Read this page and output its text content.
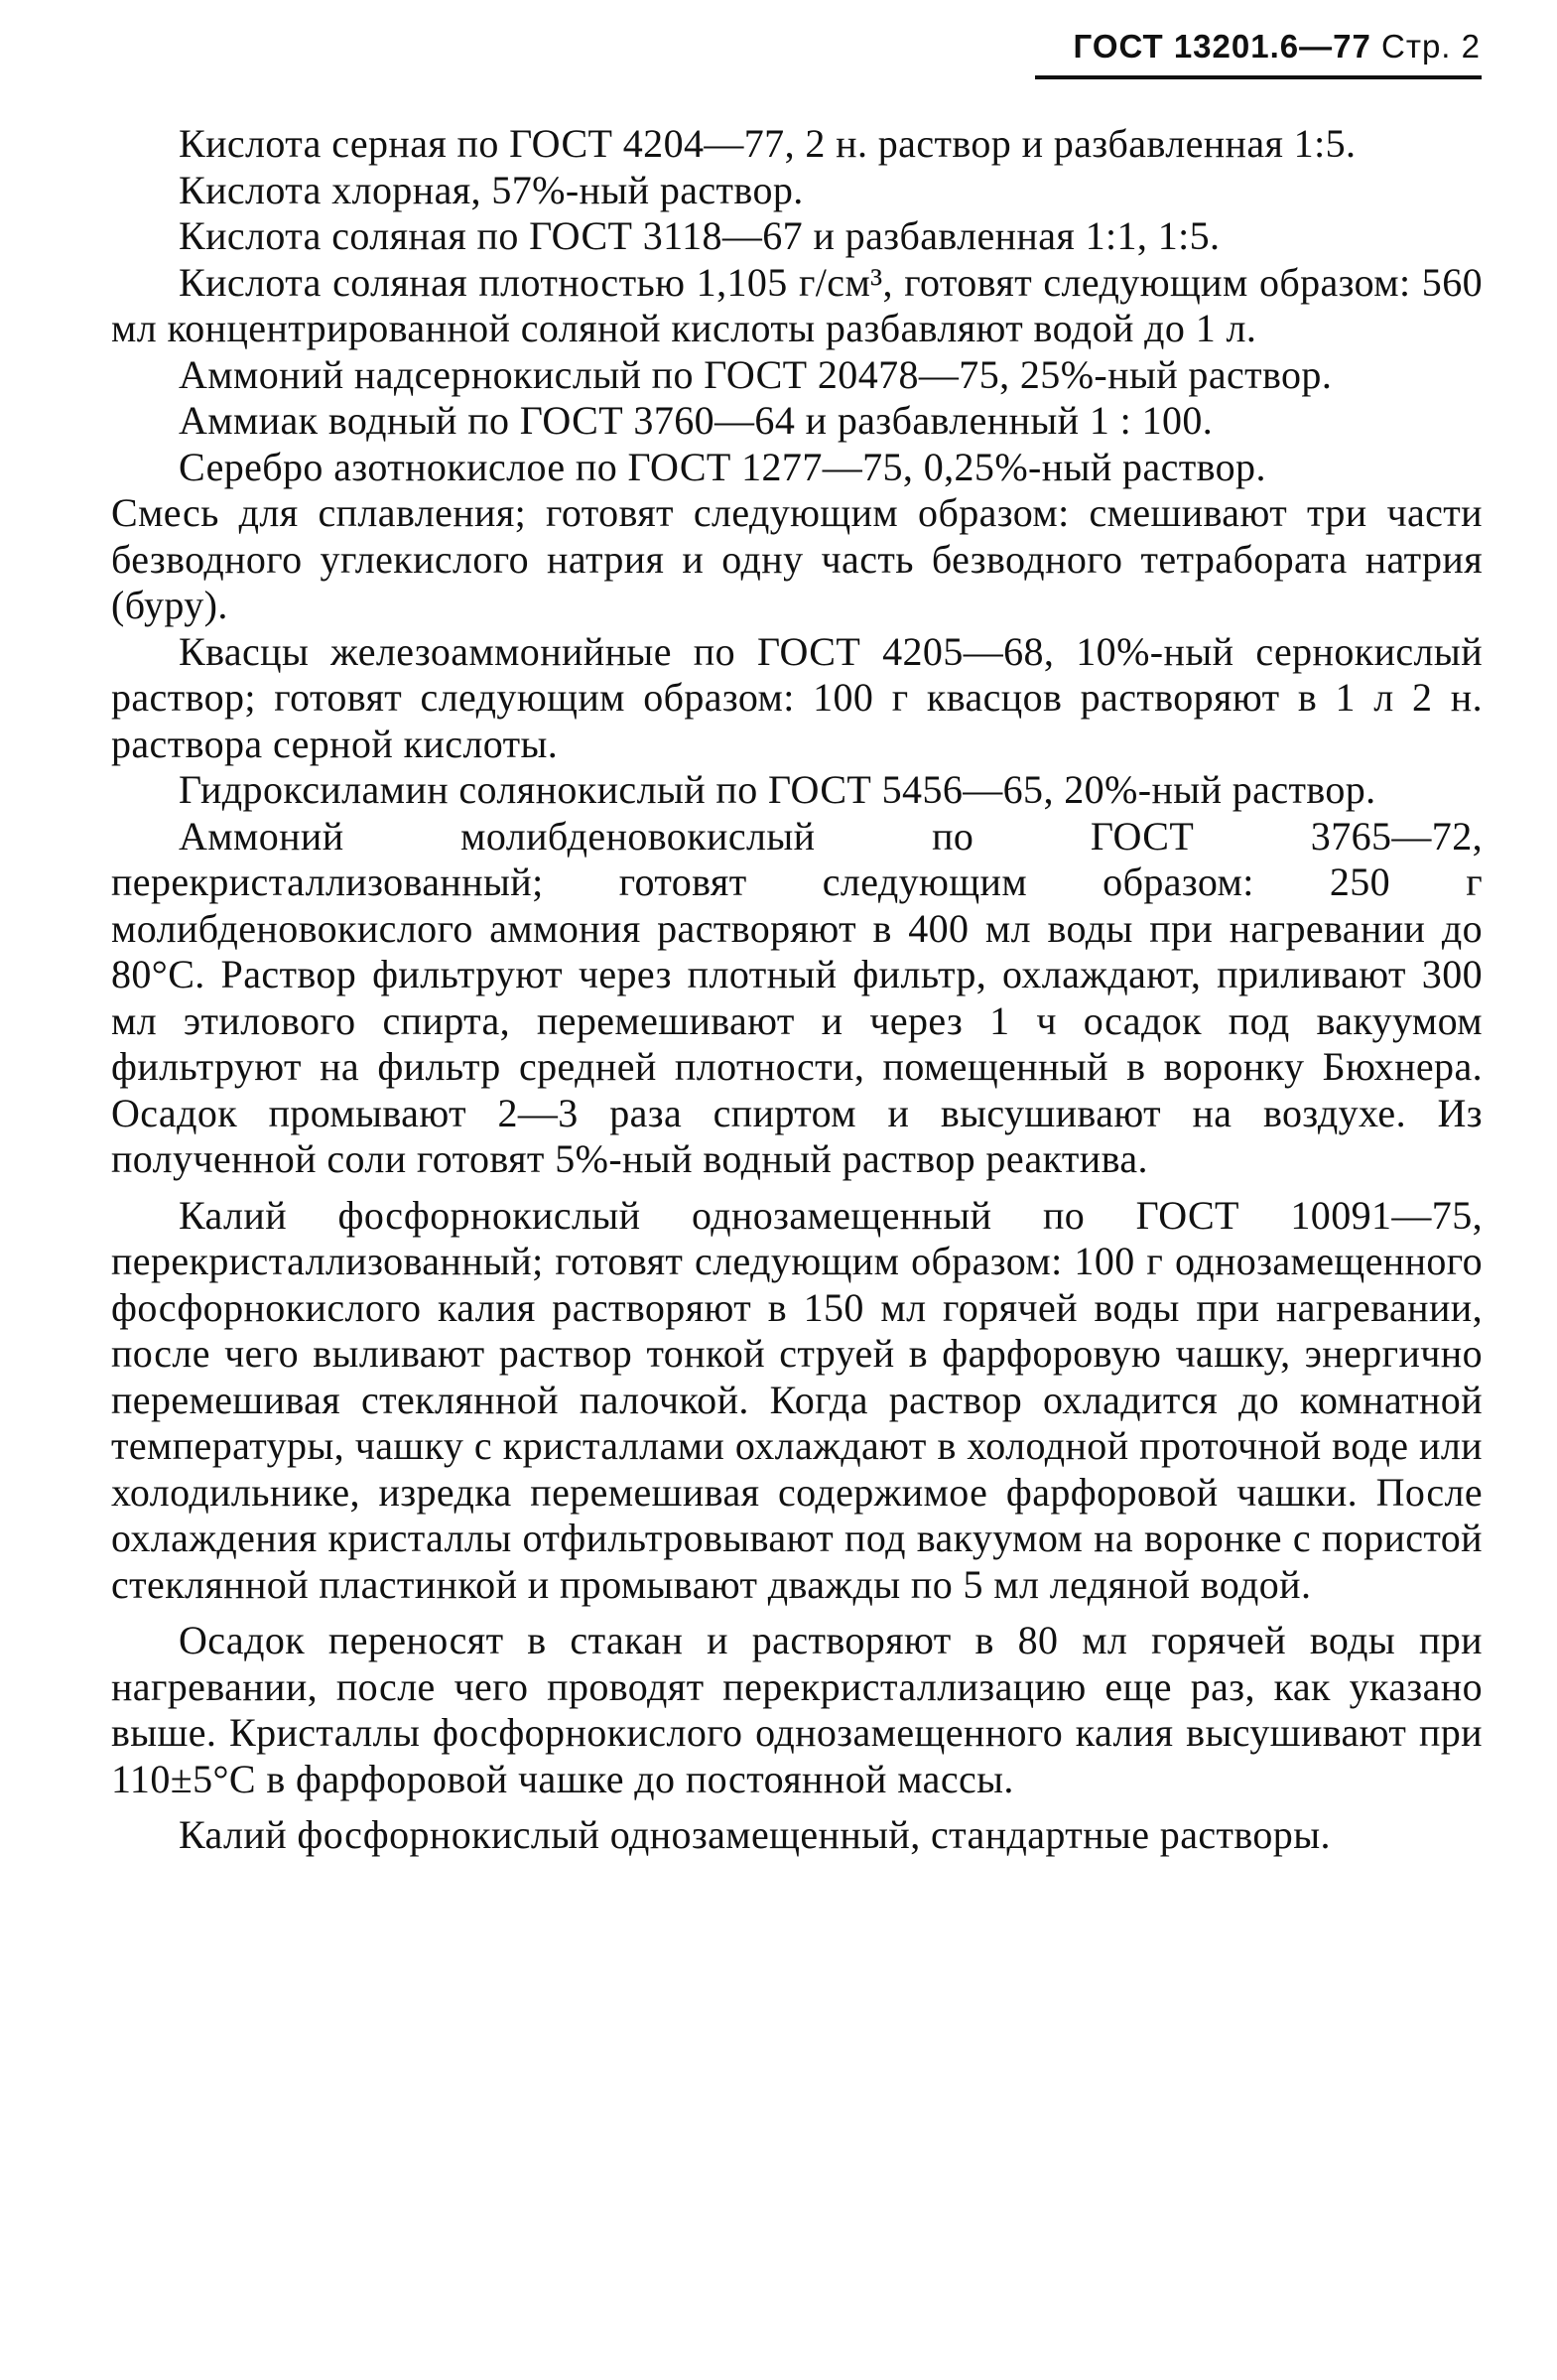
ГОСТ 13201.6—77 Стр. 2

Кислота серная по ГОСТ 4204—77, 2 н. раствор и разбавленная 1:5.

Кислота хлорная, 57%-ный раствор.

Кислота соляная по ГОСТ 3118—67 и разбавленная 1:1, 1:5.

Кислота соляная плотностью 1,105 г/см³, готовят следующим образом: 560 мл концентрированной соляной кислоты разбавляют водой до 1 л.

Аммоний надсернокислый по ГОСТ 20478—75, 25%-ный раствор.

Аммиак водный по ГОСТ 3760—64 и разбавленный 1 : 100.

Серебро азотнокислое по ГОСТ 1277—75, 0,25%-ный раствор.

Смесь для сплавления; готовят следующим образом: смешивают три части безводного углекислого натрия и одну часть безводного тетрабората натрия (буру).

Квасцы железоаммонийные по ГОСТ 4205—68, 10%-ный сернокислый раствор; готовят следующим образом: 100 г квасцов растворяют в 1 л 2 н. раствора серной кислоты.

Гидроксиламин солянокислый по ГОСТ 5456—65, 20%-ный раствор.

Аммоний молибденовокислый по ГОСТ 3765—72, перекристаллизованный; готовят следующим образом: 250 г молибденовокислого аммония растворяют в 400 мл воды при нагревании до 80°С. Раствор фильтруют через плотный фильтр, охлаждают, приливают 300 мл этилового спирта, перемешивают и через 1 ч осадок под вакуумом фильтруют на фильтр средней плотности, помещенный в воронку Бюхнера. Осадок промывают 2—3 раза спиртом и высушивают на воздухе. Из полученной соли готовят 5%-ный водный раствор реактива.

Калий фосфорнокислый однозамещенный по ГОСТ 10091—75, перекристаллизованный; готовят следующим образом: 100 г однозамещенного фосфорнокислого калия растворяют в 150 мл горячей воды при нагревании, после чего выливают раствор тонкой струей в фарфоровую чашку, энергично перемешивая стеклянной палочкой. Когда раствор охладится до комнатной температуры, чашку с кристаллами охлаждают в холодной проточной воде или холодильнике, изредка перемешивая содержимое фарфоровой чашки. После охлаждения кристаллы отфильтровывают под вакуумом на воронке с пористой стеклянной пластинкой и промывают дважды по 5 мл ледяной водой.

Осадок переносят в стакан и растворяют в 80 мл горячей воды при нагревании, после чего проводят перекристаллизацию еще раз, как указано выше. Кристаллы фосфорнокислого однозамещенного калия высушивают при 110±5°С в фарфоровой чашке до постоянной массы.

Калий фосфорнокислый однозамещенный, стандартные растворы.
